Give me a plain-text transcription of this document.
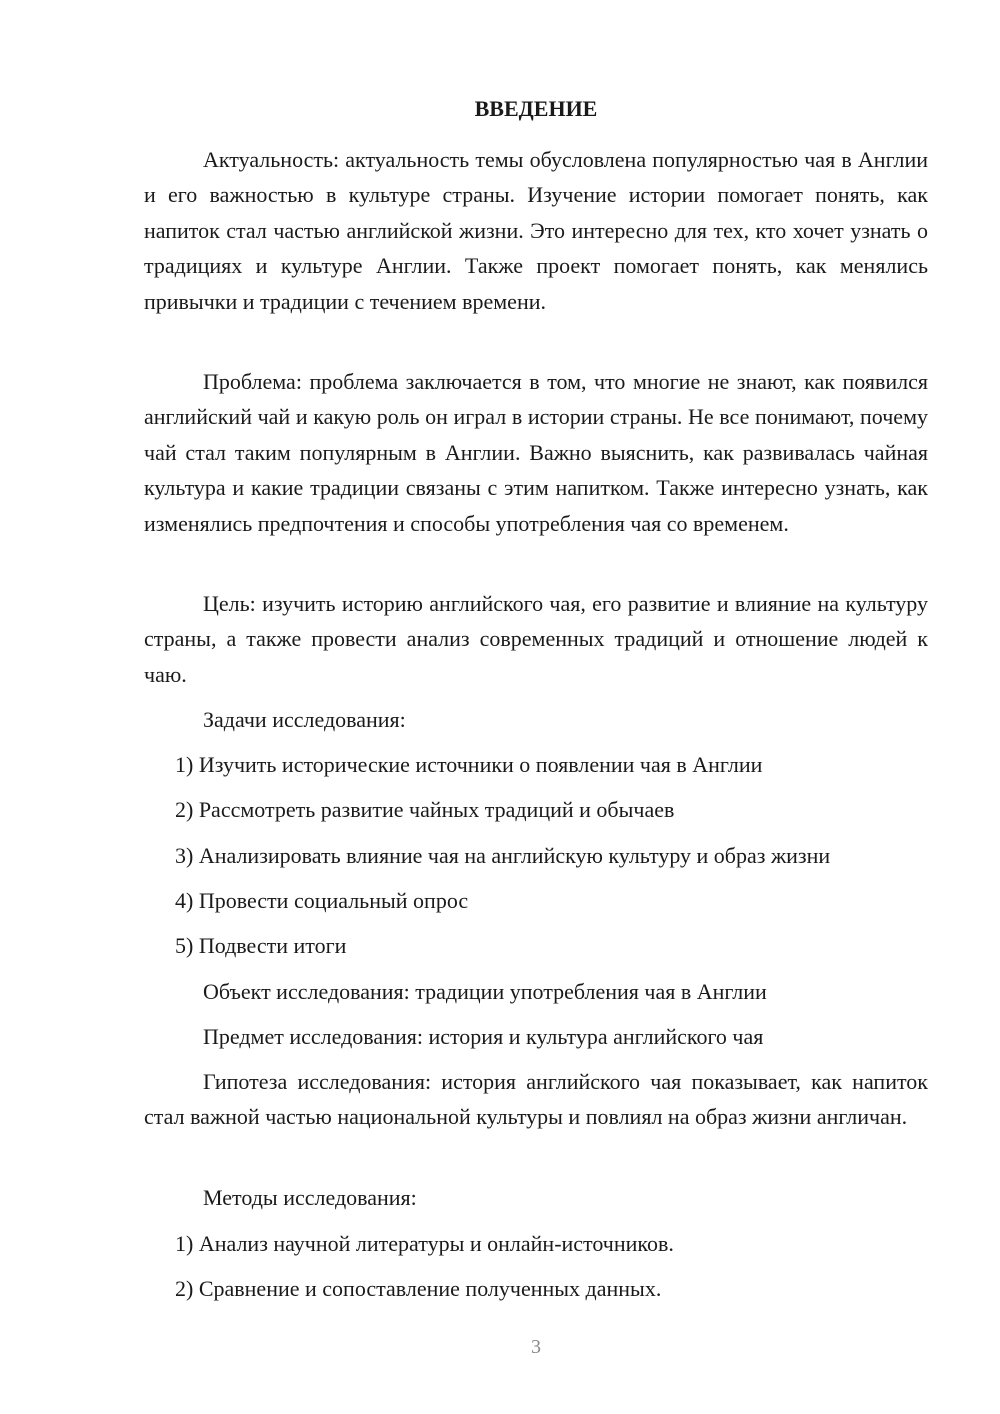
ВВЕДЕНИЕ

Актуальность: актуальность темы обусловлена популярностью чая в Англии и его важностью в культуре страны. Изучение истории помогает понять, как напиток стал частью английской жизни. Это интересно для тех, кто хочет узнать о традициях и культуре Англии. Также проект помогает понять, как менялись привычки и традиции с течением времени.

Проблема: проблема заключается в том, что многие не знают, как появился английский чай и какую роль он играл в истории страны. Не все понимают, почему чай стал таким популярным в Англии. Важно выяснить, как развивалась чайная культура и какие традиции связаны с этим напитком. Также интересно узнать, как изменялись предпочтения и способы употребления чая со временем.

Цель: изучить историю английского чая, его развитие и влияние на культуру страны, а также провести анализ современных традиций и отношение людей к чаю.

Задачи исследования:

1) Изучить исторические источники о появлении чая в Англии

2) Рассмотреть развитие чайных традиций и обычаев

3) Анализировать влияние чая на английскую культуру и образ жизни

4) Провести социальный опрос

5) Подвести итоги

Объект исследования: традиции употребления чая в Англии

Предмет исследования: история и культура английского чая

Гипотеза исследования: история английского чая показывает, как напиток стал важной частью национальной культуры и повлиял на образ жизни англичан.

Методы исследования:

1) Анализ научной литературы и онлайн-источников.

2) Сравнение и сопоставление полученных данных.

3
